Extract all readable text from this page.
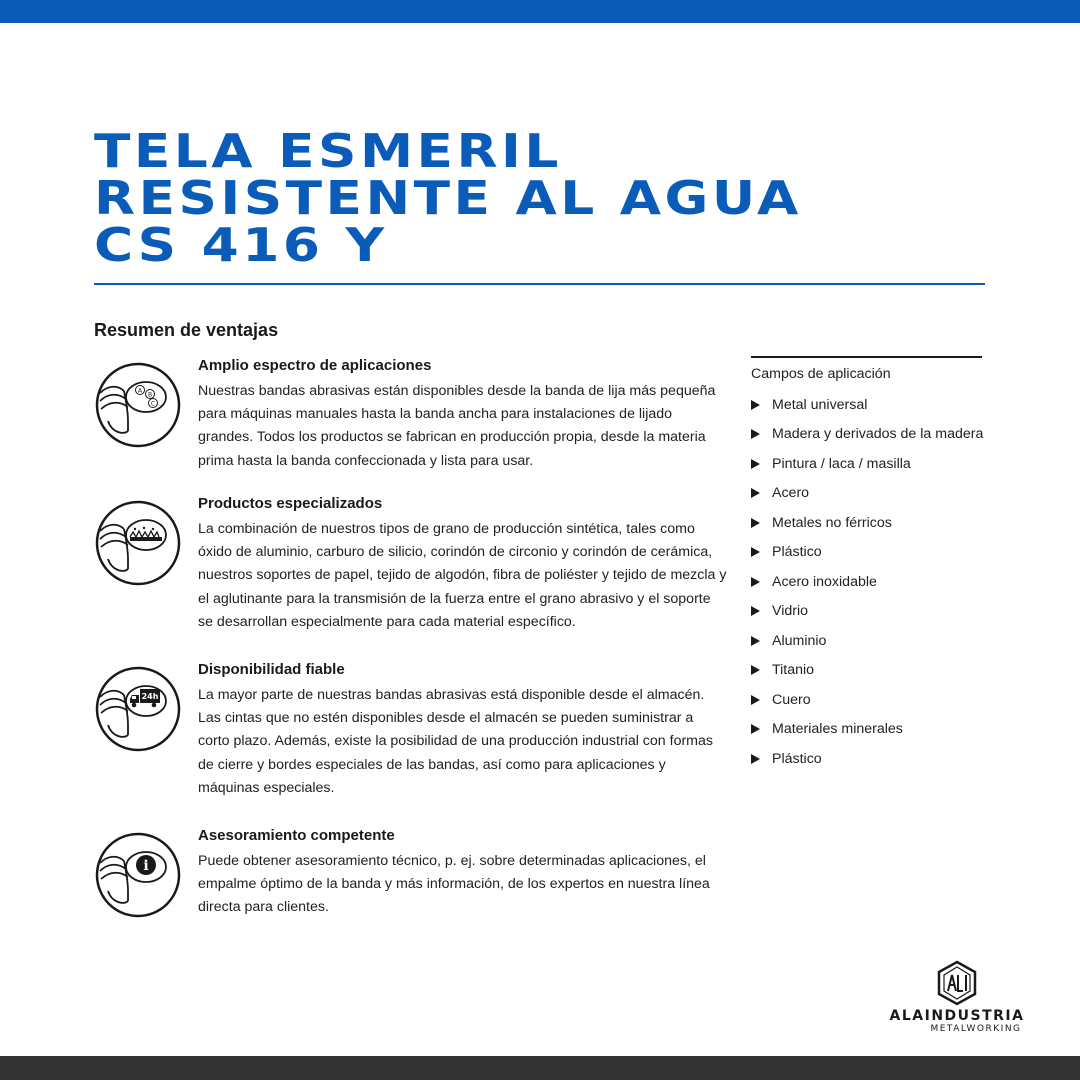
TELA ESMERIL
RESISTENTE AL AGUA
CS 416 Y
Resumen de ventajas
A
B
C
Amplio espectro de aplicaciones

Nuestras bandas abrasivas están disponibles desde la banda de lija más pequeña para máquinas manuales hasta la banda ancha para instalaciones de lijado grandes. Todos los productos se fabrican en producción propia, desde la materia prima hasta la banda confeccionada y lista para usar.

Productos especializados

La combinación de nuestros tipos de grano de producción sintética, tales como óxido de aluminio, carburo de silicio, corindón de circonio y corindón de cerámica, nuestros soportes de papel, tejido de algodón, fibra de poliéster y tejido de mezcla y el aglutinante para la transmisión de la fuerza entre el grano abrasivo y el soporte se desarrollan especialmente para cada material específico.

24h
Disponibilidad fiable

La mayor parte de nuestras bandas abrasivas está disponible desde el almacén. Las cintas que no estén disponibles desde el almacén se pueden suministrar a corto plazo. Además, existe la posibilidad de una producción industrial con formas de cierre y bordes especiales de las bandas, así como para aplicaciones y máquinas especiales.

i
Asesoramiento competente

Puede obtener asesoramiento técnico, p. ej. sobre determinadas aplicaciones, el empalme óptimo de la banda y más información, de los expertos en nuestra línea directa para clientes.

Campos de aplicación

Metal universal
Madera y derivados de la madera
Pintura / laca / masilla
Acero
Metales no férricos
Plástico
Acero inoxidable
Vidrio
Aluminio
Titanio
Cuero
Materiales minerales
Plástico
ALAINDUSTRIA
METALWORKING
